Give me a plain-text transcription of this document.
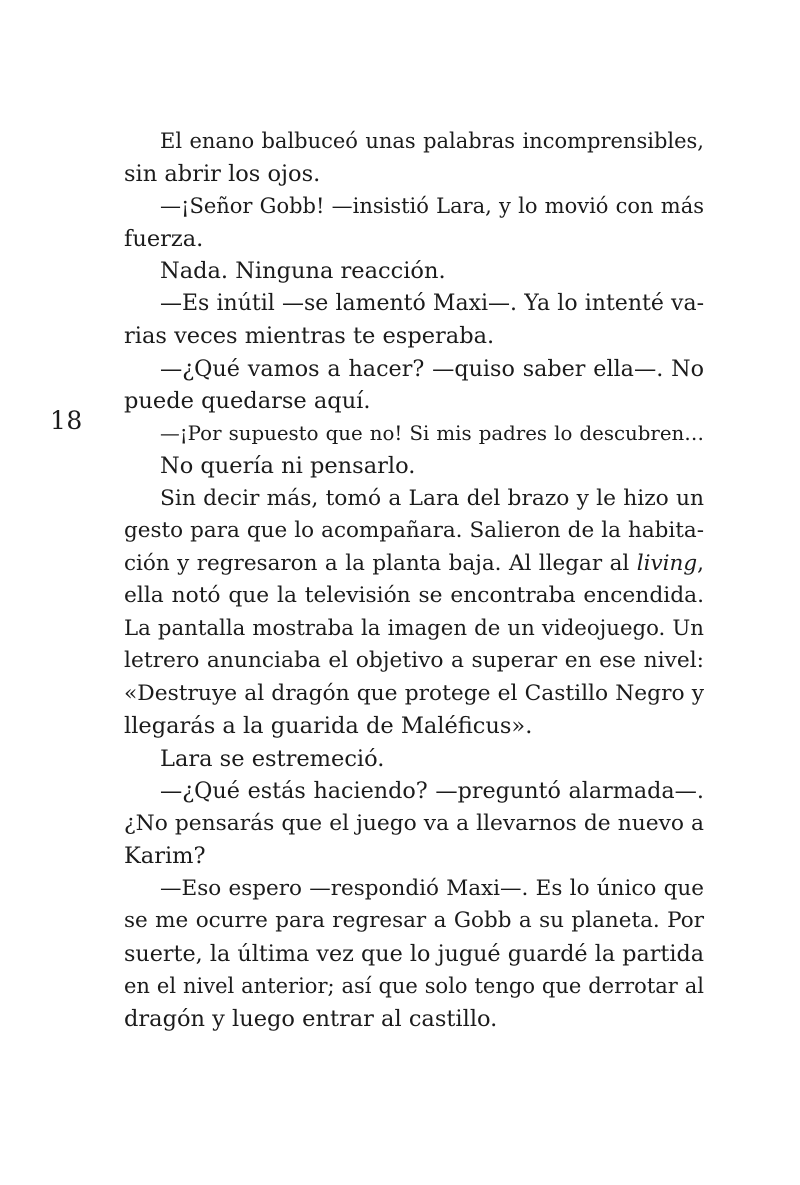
18
El enano balbuceó unas palabras incomprensibles,
sin abrir los ojos.
—¡Señor Gobb! —insistió Lara, y lo movió con más
fuerza.
Nada. Ninguna reacción.
—Es inútil —se lamentó Maxi—. Ya lo intenté va-
rias veces mientras te esperaba.
—¿Qué vamos a hacer? —quiso saber ella—. No
puede quedarse aquí.
—¡Por supuesto que no! Si mis padres lo descubren…
No quería ni pensarlo.
Sin decir más, tomó a Lara del brazo y le hizo un
gesto para que lo acompañara. Salieron de la habita-
ción y regresaron a la planta baja. Al llegar al living,
ella notó que la televisión se encontraba encendida.
La pantalla mostraba la imagen de un videojuego. Un
letrero anunciaba el objetivo a superar en ese nivel:
«Destruye al dragón que protege el Castillo Negro y
llegarás a la guarida de Maléficus».
Lara se estremeció.
—¿Qué estás haciendo? —preguntó alarmada—.
¿No pensarás que el juego va a llevarnos de nuevo a
Karim?
—Eso espero —respondió Maxi—. Es lo único que
se me ocurre para regresar a Gobb a su planeta. Por
suerte, la última vez que lo jugué guardé la partida
en el nivel anterior; así que solo tengo que derrotar al
dragón y luego entrar al castillo.
